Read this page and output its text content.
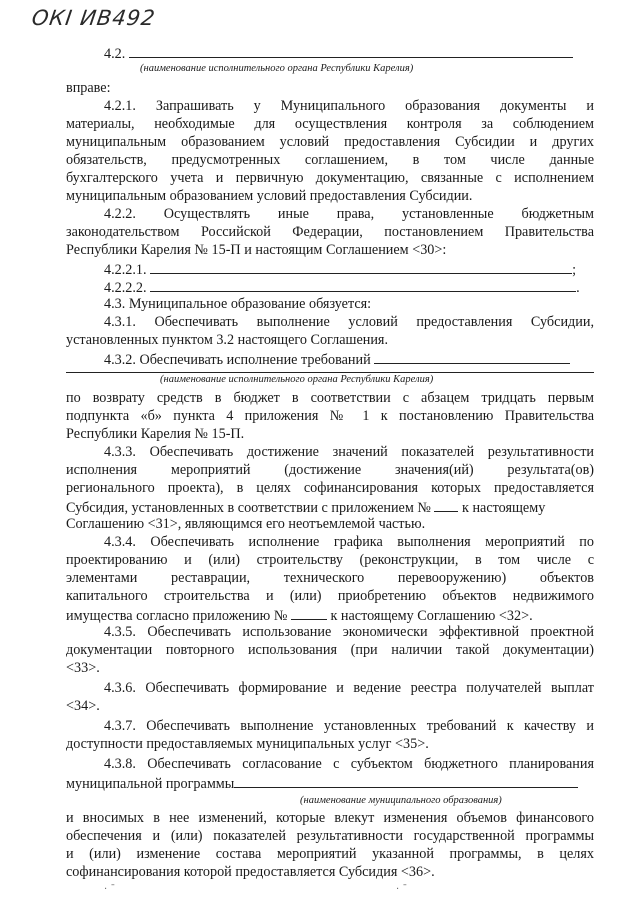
ОКI ИВ492
4.2.
(наименование исполнительного органа Республики Карелия)
вправе:
4.2.1. Запрашивать у Муниципального образования документы и
материалы, необходимые для осуществления контроля за соблюдением
муниципальным образованием условий предоставления Субсидии и других
обязательств, предусмотренных соглашением, в том числе данные
бухгалтерского учета и первичную документацию, связанные с исполнением
муниципальным образованием условий предоставления Субсидии.
4.2.2. Осуществлять иные права, установленные бюджетным
законодательством Российской Федерации, постановлением Правительства
Республики Карелия № 15-П и настоящим Соглашением <30>:
4.2.2.1.	;
4.2.2.2.	.
4.3. Муниципальное образование обязуется:
4.3.1. Обеспечивать выполнение условий предоставления Субсидии,
установленных пунктом 3.2 настоящего Соглашения.
4.3.2. Обеспечивать исполнение требований
(наименование исполнительного органа Республики Карелия)
по возврату средств в бюджет в соответствии с абзацем тридцать первым
подпункта «б» пункта 4 приложения № 1 к постановлению Правительства
Республики Карелия № 15-П.
4.3.3. Обеспечивать достижение значений показателей результативности
исполнения мероприятий (достижение значения(ий) результата(ов)
регионального проекта), в целях софинансирования которых предоставляется
Субсидия, установленных в соответствии с приложением № к настоящему
Соглашению <31>, являющимся его неотъемлемой частью.
4.3.4. Обеспечивать исполнение графика выполнения мероприятий по
проектированию и (или) строительству (реконструкции, в том числе с
элементами реставрации, технического перевооружению) объектов
капитального строительства и (или) приобретению объектов недвижимого
имущества согласно приложению №	к настоящему Соглашению <32>.
4.3.5. Обеспечивать использование экономически эффективной проектной
документации повторного использования (при наличии такой документации)
<33>.
4.3.6. Обеспечивать формирование и ведение реестра получателей выплат
<34>.
4.3.7. Обеспечивать выполнение установленных требований к качеству и
доступности предоставляемых муниципальных услуг <35>.
4.3.8. Обеспечивать согласование с субъектом бюджетного планирования
муниципальной программы
(наименование муниципального образования)
и вносимых в нее изменений, которые влекут изменения объемов финансового
обеспечения и (или) показателей результативности государственной программы
и (или) изменение состава мероприятий указанной программы, в целях
софинансирования которой предоставляется Субсидия <36>.
· ˉ	· ˉ
